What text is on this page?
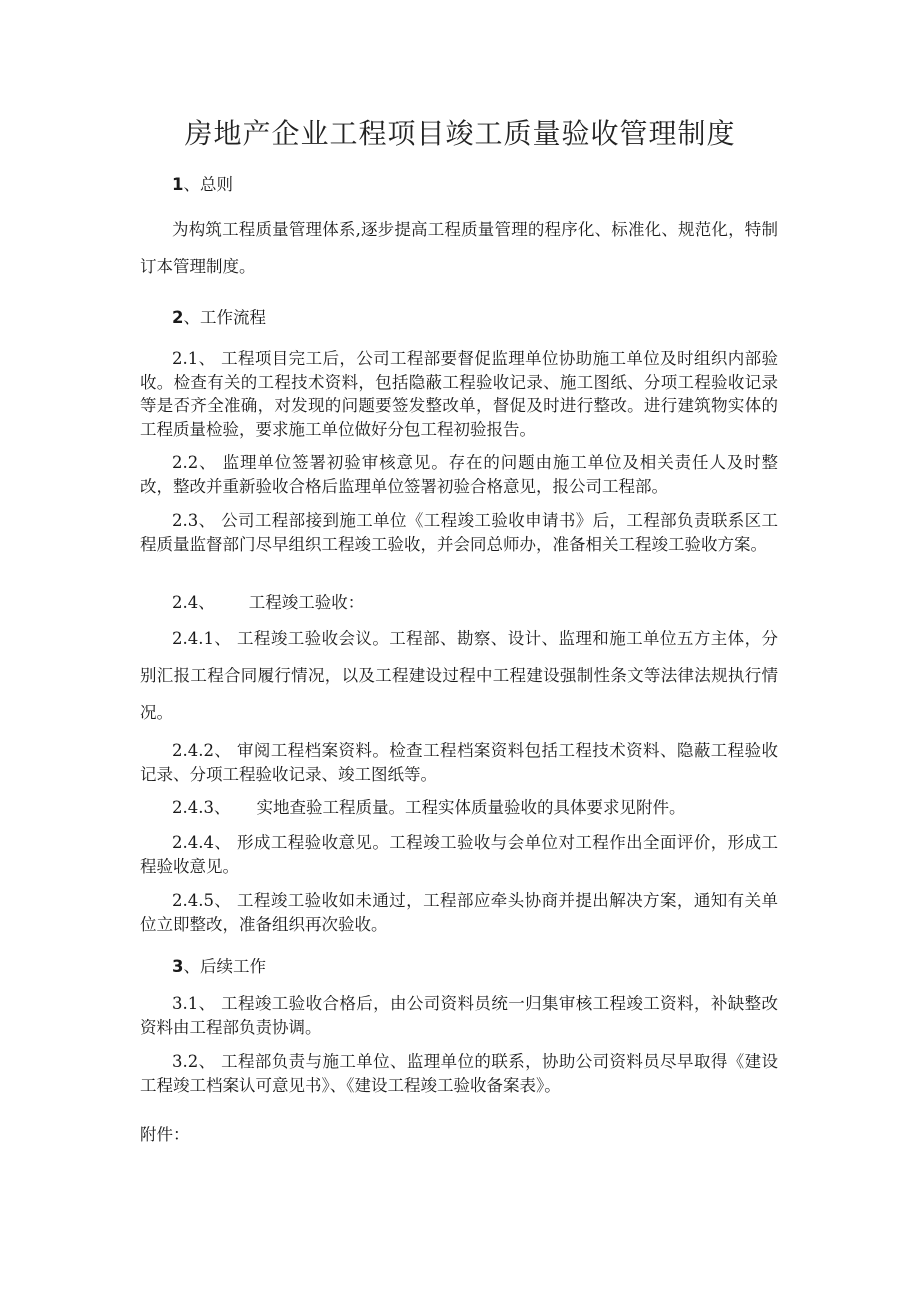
房地产企业工程项目竣工质量验收管理制度
1、总则
为构筑工程质量管理体系,逐步提高工程质量管理的程序化、标准化、规范化，特制订本管理制度。
2、工作流程
2.1、 工程项目完工后，公司工程部要督促监理单位协助施工单位及时组织内部验收。检查有关的工程技术资料，包括隐蔽工程验收记录、施工图纸、分项工程验收记录等是否齐全准确，对发现的问题要签发整改单，督促及时进行整改。进行建筑物实体的工程质量检验，要求施工单位做好分包工程初验报告。
2.2、 监理单位签署初验审核意见。存在的问题由施工单位及相关责任人及时整改，整改并重新验收合格后监理单位签署初验合格意见，报公司工程部。
2.3、 公司工程部接到施工单位《工程竣工验收申请书》后，工程部负责联系区工程质量监督部门尽早组织工程竣工验收，并会同总师办，准备相关工程竣工验收方案。
2.4、 工程竣工验收：
2.4.1、 工程竣工验收会议。工程部、勘察、设计、监理和施工单位五方主体，分别汇报工程合同履行情况，以及工程建设过程中工程建设强制性条文等法律法规执行情况。
2.4.2、 审阅工程档案资料。检查工程档案资料包括工程技术资料、隐蔽工程验收记录、分项工程验收记录、竣工图纸等。
2.4.3、 实地查验工程质量。工程实体质量验收的具体要求见附件。
2.4.4、 形成工程验收意见。工程竣工验收与会单位对工程作出全面评价，形成工程验收意见。
2.4.5、 工程竣工验收如未通过，工程部应牵头协商并提出解决方案，通知有关单位立即整改，准备组织再次验收。
3、后续工作
3.1、 工程竣工验收合格后，由公司资料员统一归集审核工程竣工资料，补缺整改资料由工程部负责协调。
3.2、 工程部负责与施工单位、监理单位的联系，协助公司资料员尽早取得《建设工程竣工档案认可意见书》、《建设工程竣工验收备案表》。
附件：
